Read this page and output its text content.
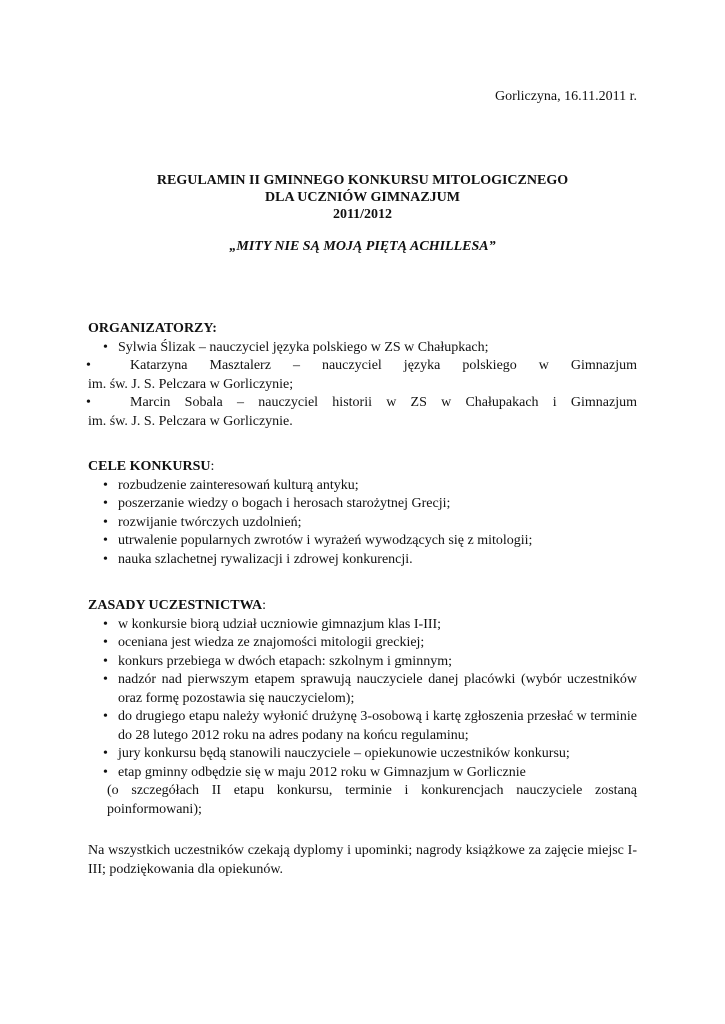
Gorliczyna, 16.11.2011 r.
REGULAMIN II GMINNEGO KONKURSU MITOLOGICZNEGO
DLA UCZNIÓW GIMNAZJUM
2011/2012
„MITY NIE SĄ MOJĄ PIĘTĄ ACHILLESA”
ORGANIZATORZY:
• Sylwia Ślizak – nauczyciel języka polskiego w ZS w Chałupkach;
•	Katarzyna Masztalerz – nauczyciel języka polskiego w Gimnazjum
im. św. J. S. Pelczara w Gorliczynie;
•	Marcin Sobala – nauczyciel historii w ZS w Chałupakach i Gimnazjum
im. św. J. S. Pelczara w Gorliczynie.
CELE KONKURSU:
• rozbudzenie zainteresowań kulturą antyku;
• poszerzanie wiedzy o bogach i herosach starożytnej Grecji;
• rozwijanie twórczych uzdolnień;
• utrwalenie popularnych zwrotów i wyrażeń wywodzących się z mitologii;
• nauka szlachetnej rywalizacji i zdrowej konkurencji.
ZASADY UCZESTNICTWA:
• w konkursie biorą udział uczniowie gimnazjum klas I-III;
• oceniana jest wiedza ze znajomości mitologii greckiej;
• konkurs przebiega w dwóch etapach: szkolnym i gminnym;
• nadzór nad pierwszym etapem sprawują nauczyciele danej placówki (wybór uczestników oraz formę pozostawia się nauczycielom);
• do drugiego etapu należy wyłonić drużynę 3-osobową i kartę zgłoszenia przesłać w terminie do 28 lutego 2012 roku na adres podany na końcu regulaminu;
• jury konkursu będą stanowili nauczyciele – opiekunowie uczestników konkursu;
• etap gminny odbędzie się w maju 2012 roku w Gimnazjum w Gorlicznie
(o szczegółach II etapu konkursu, terminie i konkurencjach nauczyciele zostaną poinformowani);
Na wszystkich uczestników czekają dyplomy i upominki; nagrody książkowe za zajęcie miejsc I-III; podziękowania dla opiekunów.
